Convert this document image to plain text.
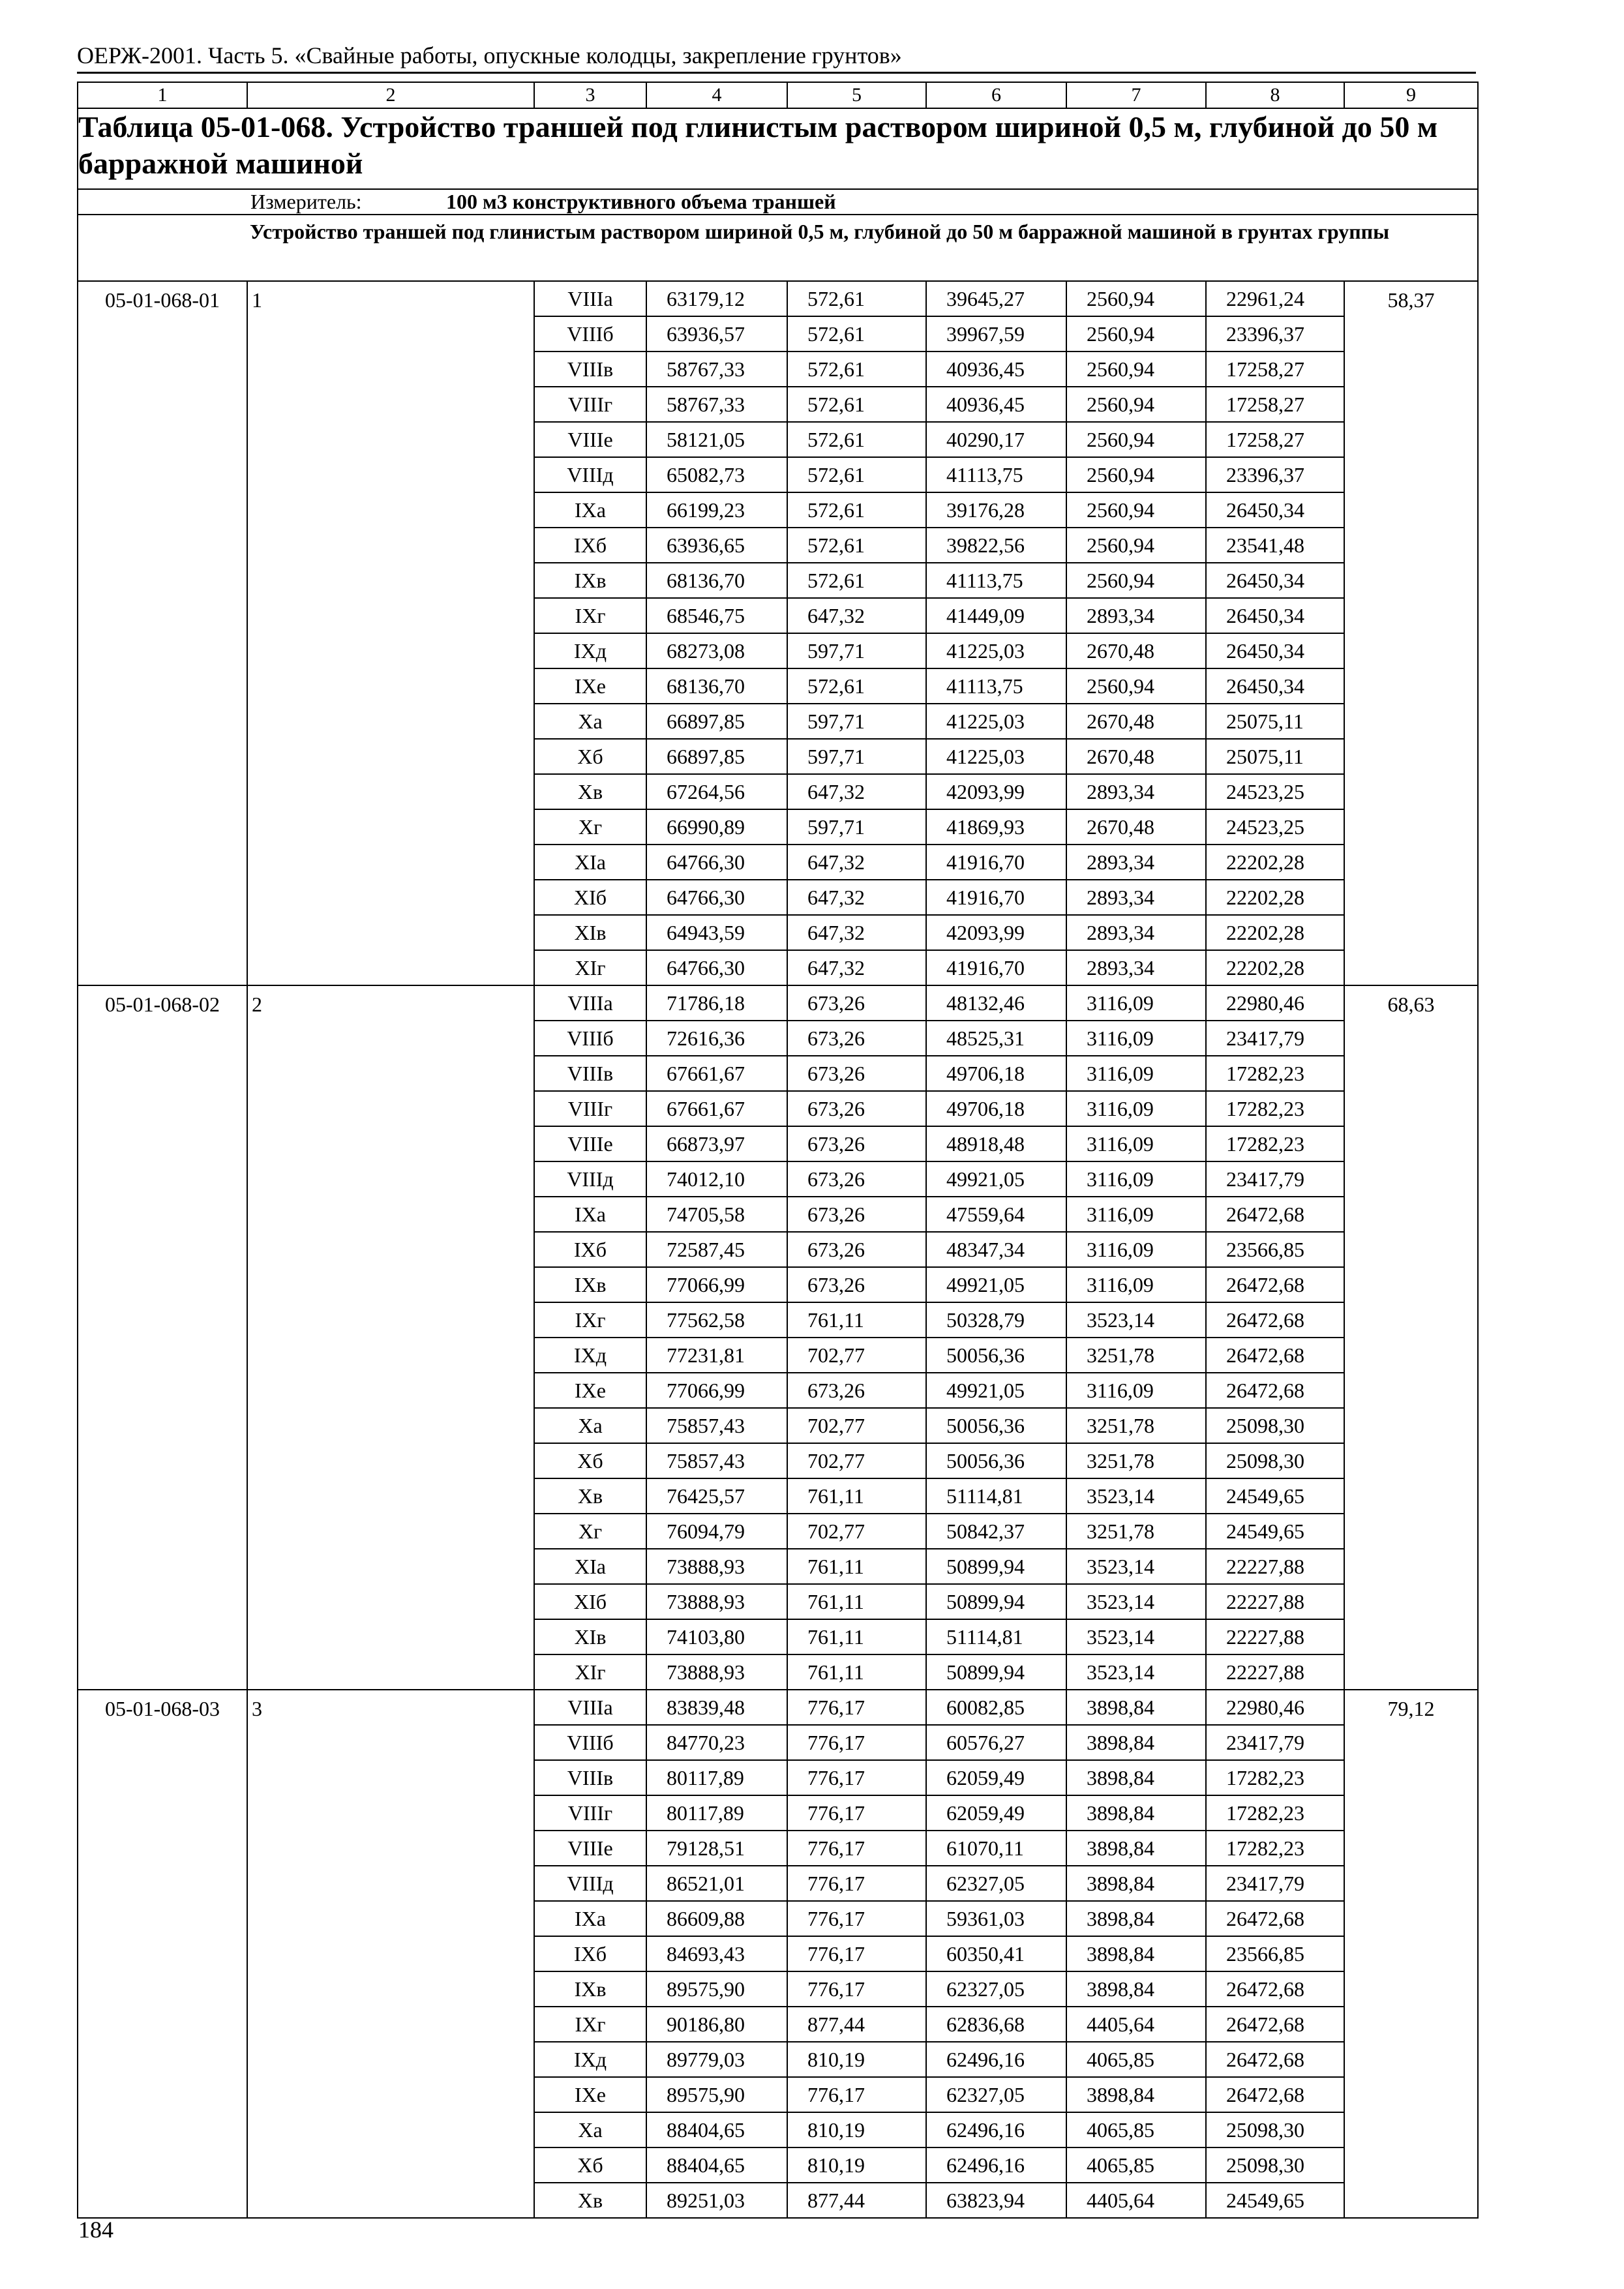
ОЕРЖ-2001. Часть 5. «Свайные работы, опускные колодцы, закрепление грунтов»
1	2	3	4	5	6	7	8	9
Таблица 05-01-068. Устройство траншей под глинистым раствором шириной 0,5 м, глубиной до 50 м барражной машиной								

Измеритель: 100 м3 конструктивного объема траншей								

	Устройство траншей под глинистым раствором шириной 0,5 м, глубиной до 50 м барражной машиной в грунтах группы							
05-01-068-01	1	VIIIа	63179,12	572,61	39645,27	2560,94	22961,24	58,37
		VIIIб	63936,57	572,61	39967,59	2560,94	23396,37	
		VIIIв	58767,33	572,61	40936,45	2560,94	17258,27	
		VIIIг	58767,33	572,61	40936,45	2560,94	17258,27	
		VIIIе	58121,05	572,61	40290,17	2560,94	17258,27	
		VIIIд	65082,73	572,61	41113,75	2560,94	23396,37	
		IXа	66199,23	572,61	39176,28	2560,94	26450,34	
		IXб	63936,65	572,61	39822,56	2560,94	23541,48	
		IXв	68136,70	572,61	41113,75	2560,94	26450,34	
		IXг	68546,75	647,32	41449,09	2893,34	26450,34	
		IXд	68273,08	597,71	41225,03	2670,48	26450,34	
		IXе	68136,70	572,61	41113,75	2560,94	26450,34	
		Xа	66897,85	597,71	41225,03	2670,48	25075,11	
		Xб	66897,85	597,71	41225,03	2670,48	25075,11	
		Xв	67264,56	647,32	42093,99	2893,34	24523,25	
		Xг	66990,89	597,71	41869,93	2670,48	24523,25	
		XIа	64766,30	647,32	41916,70	2893,34	22202,28	
		XIб	64766,30	647,32	41916,70	2893,34	22202,28	
		XIв	64943,59	647,32	42093,99	2893,34	22202,28	
		XIг	64766,30	647,32	41916,70	2893,34	22202,28	
05-01-068-02	2	VIIIа	71786,18	673,26	48132,46	3116,09	22980,46	68,63
		VIIIб	72616,36	673,26	48525,31	3116,09	23417,79	
		VIIIв	67661,67	673,26	49706,18	3116,09	17282,23	
		VIIIг	67661,67	673,26	49706,18	3116,09	17282,23	
		VIIIе	66873,97	673,26	48918,48	3116,09	17282,23	
		VIIIд	74012,10	673,26	49921,05	3116,09	23417,79	
		IXа	74705,58	673,26	47559,64	3116,09	26472,68	
		IXб	72587,45	673,26	48347,34	3116,09	23566,85	
		IXв	77066,99	673,26	49921,05	3116,09	26472,68	
		IXг	77562,58	761,11	50328,79	3523,14	26472,68	
		IXд	77231,81	702,77	50056,36	3251,78	26472,68	
		IXе	77066,99	673,26	49921,05	3116,09	26472,68	
		Xа	75857,43	702,77	50056,36	3251,78	25098,30	
		Xб	75857,43	702,77	50056,36	3251,78	25098,30	
		Xв	76425,57	761,11	51114,81	3523,14	24549,65	
		Xг	76094,79	702,77	50842,37	3251,78	24549,65	
		XIа	73888,93	761,11	50899,94	3523,14	22227,88	
		XIб	73888,93	761,11	50899,94	3523,14	22227,88	
		XIв	74103,80	761,11	51114,81	3523,14	22227,88	
		XIг	73888,93	761,11	50899,94	3523,14	22227,88	
05-01-068-03	3	VIIIа	83839,48	776,17	60082,85	3898,84	22980,46	79,12
		VIIIб	84770,23	776,17	60576,27	3898,84	23417,79	
		VIIIв	80117,89	776,17	62059,49	3898,84	17282,23	
		VIIIг	80117,89	776,17	62059,49	3898,84	17282,23	
		VIIIе	79128,51	776,17	61070,11	3898,84	17282,23	
		VIIIд	86521,01	776,17	62327,05	3898,84	23417,79	
		IXа	86609,88	776,17	59361,03	3898,84	26472,68	
		IXб	84693,43	776,17	60350,41	3898,84	23566,85	
		IXв	89575,90	776,17	62327,05	3898,84	26472,68	
		IXг	90186,80	877,44	62836,68	4405,64	26472,68	
		IXд	89779,03	810,19	62496,16	4065,85	26472,68	
		IXе	89575,90	776,17	62327,05	3898,84	26472,68	
		Xа	88404,65	810,19	62496,16	4065,85	25098,30	
		Xб	88404,65	810,19	62496,16	4065,85	25098,30	
		Xв	89251,03	877,44	63823,94	4405,64	24549,65	
184
